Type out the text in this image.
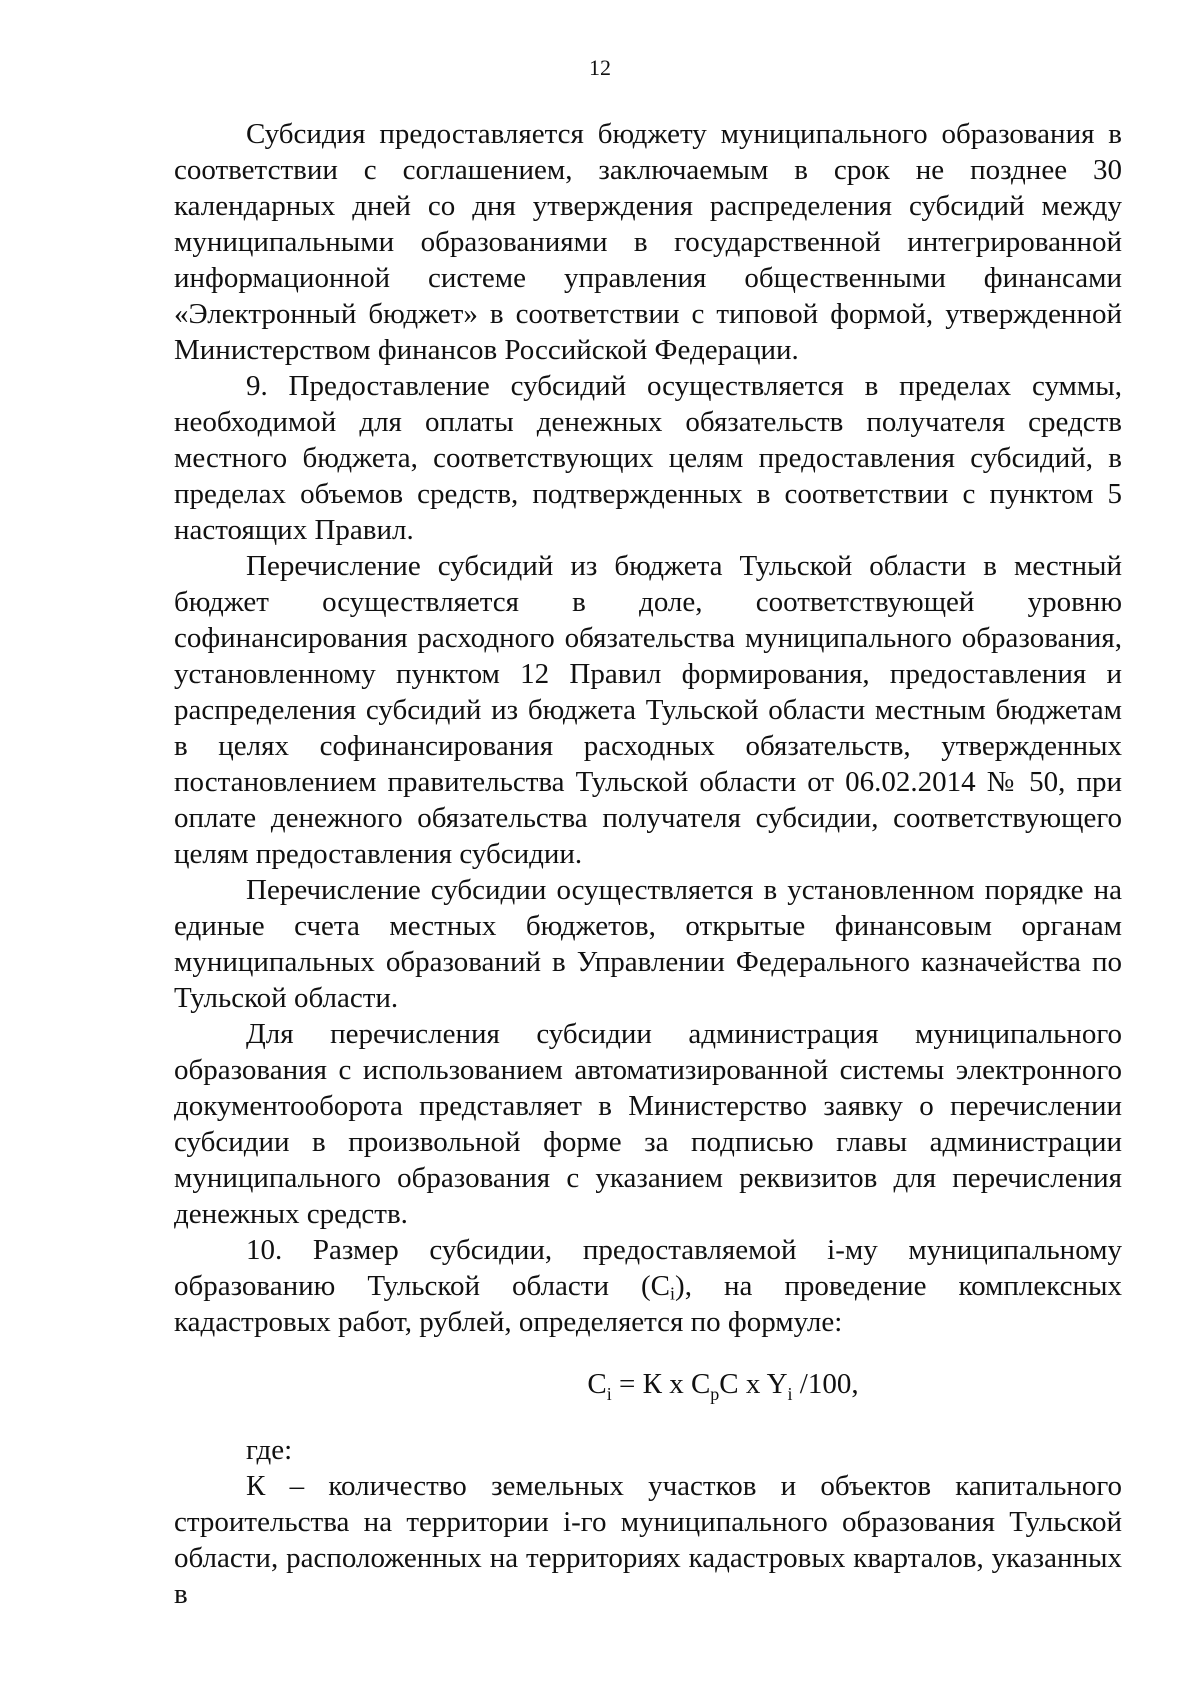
12

Субсидия предоставляется бюджету муниципального образования в соответствии с соглашением, заключаемым в срок не позднее 30 календарных дней со дня утверждения распределения субсидий между муниципальными образованиями в государственной интегрированной информационной системе управления общественными финансами «Электронный бюджет» в соответствии с типовой формой, утвержденной Министерством финансов Российской Федерации.

9. Предоставление субсидий осуществляется в пределах суммы, необходимой для оплаты денежных обязательств получателя средств местного бюджета, соответствующих целям предоставления субсидий, в пределах объемов средств, подтвержденных в соответствии с пунктом 5 настоящих Правил.

Перечисление субсидий из бюджета Тульской области в местный бюджет осуществляется в доле, соответствующей уровню софинансирования расходного обязательства муниципального образования, установленному пунктом 12 Правил формирования, предоставления и распределения субсидий из бюджета Тульской области местным бюджетам в целях софинансирования расходных обязательств, утвержденных постановлением правительства Тульской области от 06.02.2014 № 50, при оплате денежного обязательства получателя субсидии, соответствующего целям предоставления субсидии.

Перечисление субсидии осуществляется в установленном порядке на единые счета местных бюджетов, открытые финансовым органам муниципальных образований в Управлении Федерального казначейства по Тульской области.

Для перечисления субсидии администрация муниципального образования с использованием автоматизированной системы электронного документооборота представляет в Министерство заявку о перечислении субсидии в произвольной форме за подписью главы администрации муниципального образования с указанием реквизитов для перечисления денежных средств.

10. Размер субсидии, предоставляемой i-му муниципальному образованию Тульской области (Ci), на проведение комплексных кадастровых работ, рублей, определяется по формуле:

$C_i = К$ x $C_pC$ x $Y_i$ /100,

где:

К – количество земельных участков и объектов капитального строительства на территории i-го муниципального образования Тульской области, расположенных на территориях кадастровых кварталов, указанных в
